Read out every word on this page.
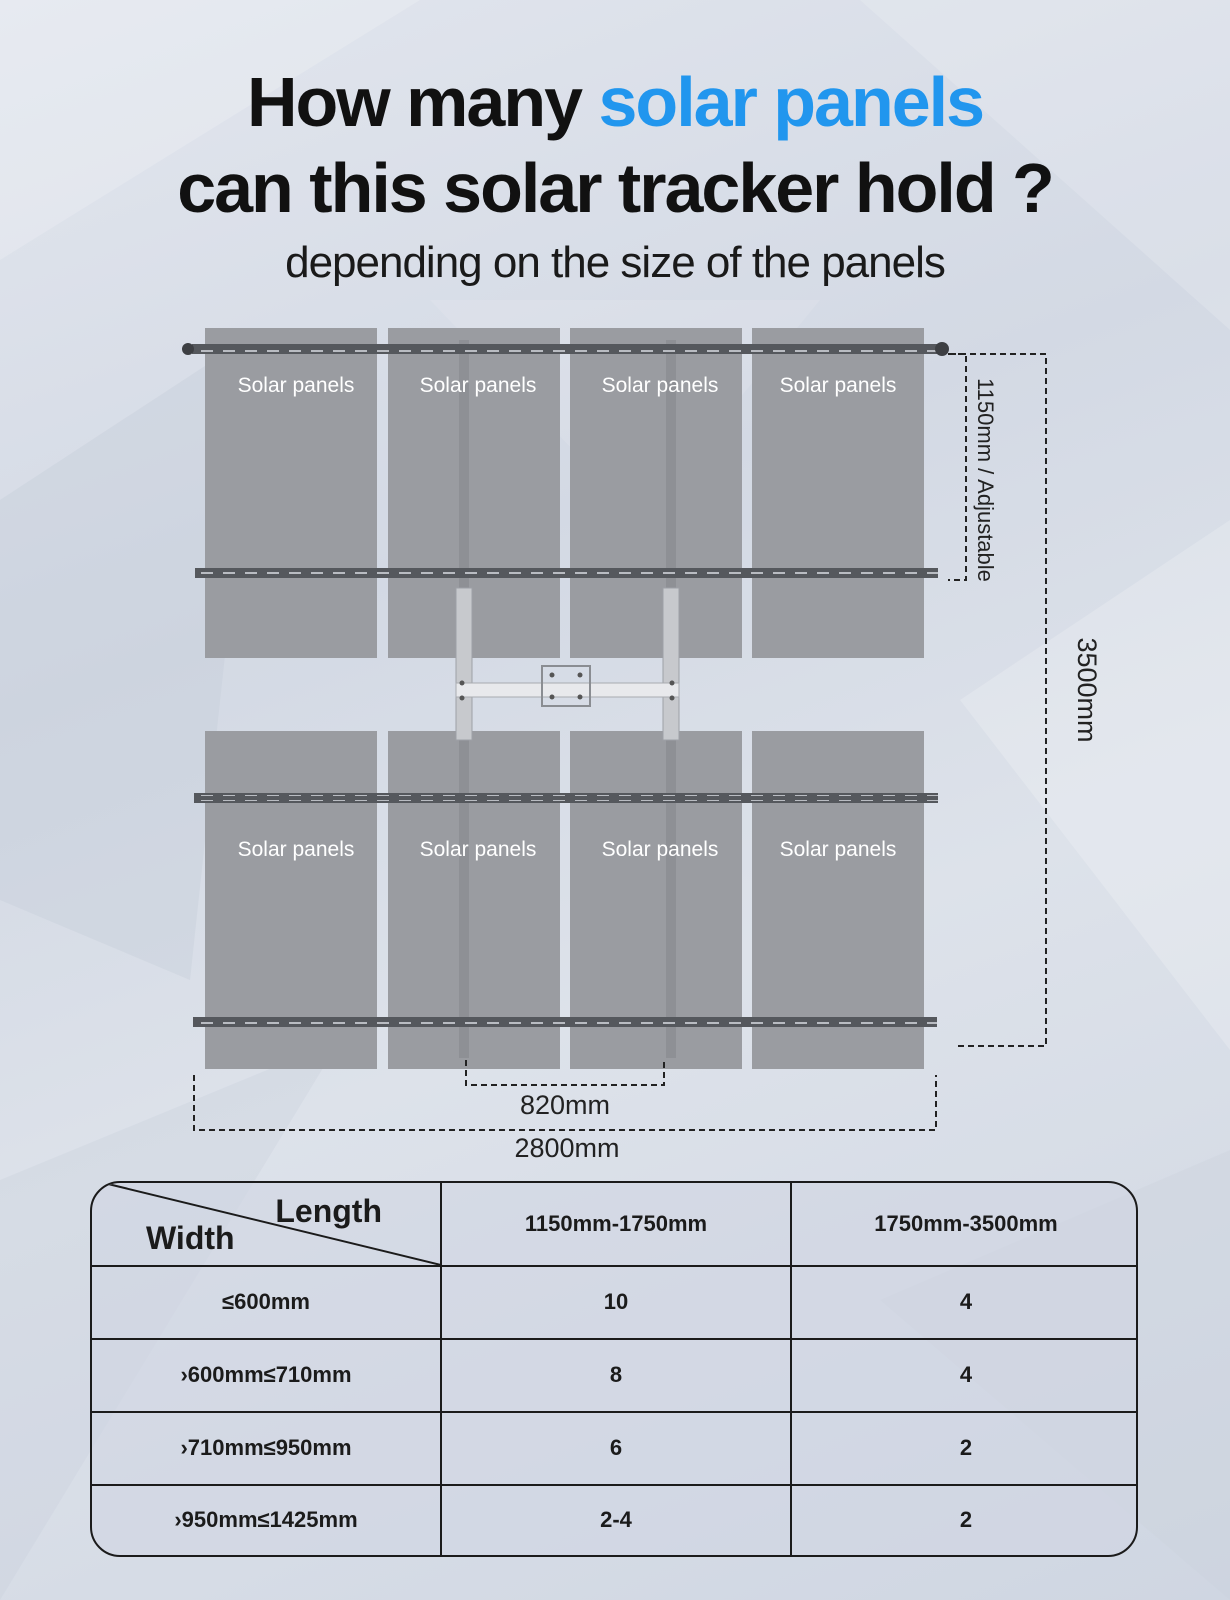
How many solar panels
can this solar tracker hold ?

depending on the size of the panels

Solar panels	Solar panels	Solar panels	Solar panels
Solar panels	Solar panels	Solar panels	Solar panels
820mm
2800mm
3500mm
1150mm / Adjustable
Length
Width	1150mm-1750mm	1750mm-3500mm
≤600mm	10	4
›600mm≤710mm	8	4
›710mm≤950mm	6	2
›950mm≤1425mm	2-4	2
